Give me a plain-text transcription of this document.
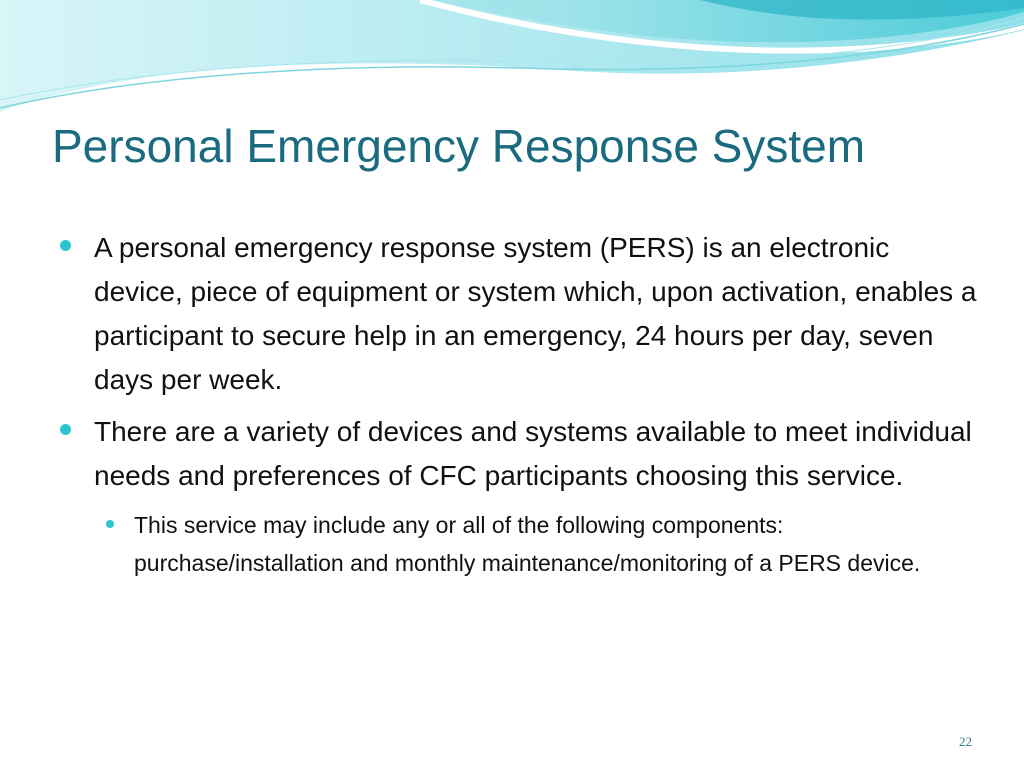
Personal Emergency Response System
A personal emergency response system (PERS) is an electronic device, piece of equipment or system which, upon activation, enables a participant to secure help in an emergency, 24 hours per day, seven days per week.
There are a variety of devices and systems available to meet individual needs and preferences of CFC participants choosing this service.
This service may include any or all of the following components: purchase/installation and monthly maintenance/monitoring of a PERS device.
22
